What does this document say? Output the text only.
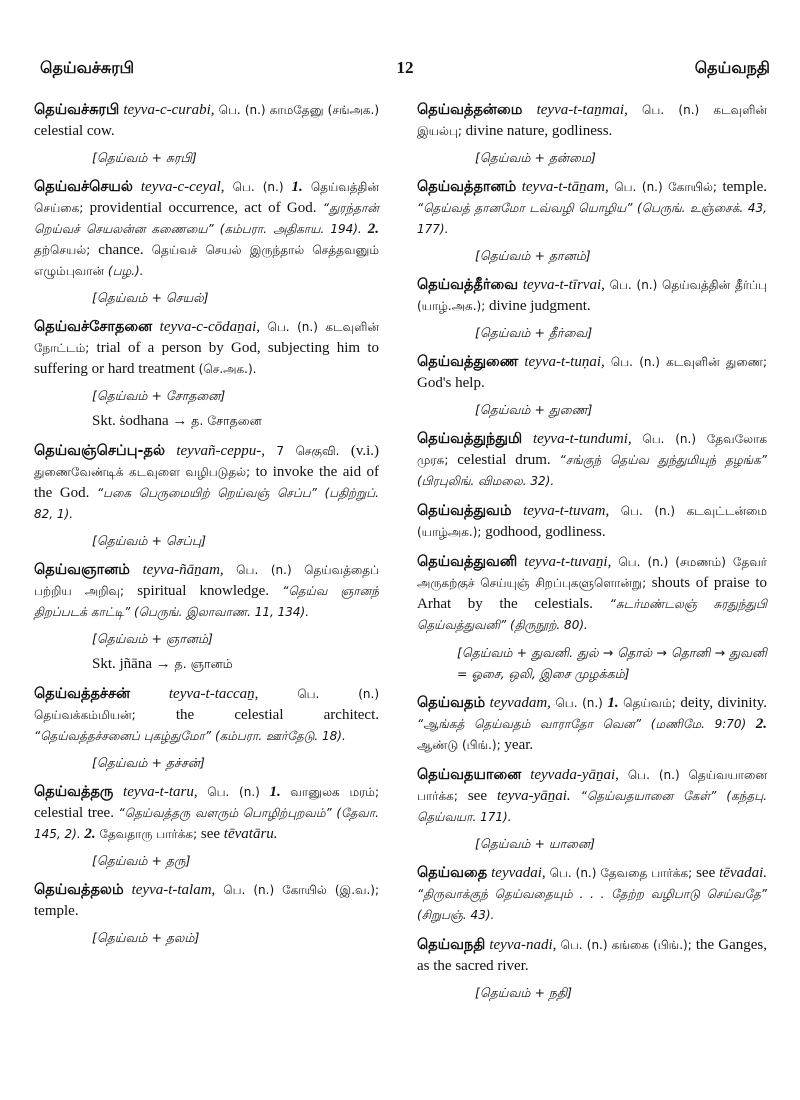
தெய்வச்சுரபி	12	தெய்வநதி
தெய்வச்சுரபி teyva-c-curabi, பெ. (n.) காமதேனு (சங்அக.) celestial cow.
[தெய்வம் + சுரபி]
தெய்வச்செயல் teyva-c-ceyal, பெ. (n.) 1. தெய்வத்தின் செய்கை; providential occurrence, act of God. “துரந்தான் றெய்வச் செயலன்ன கணையை” (கம்பரா. அதிகாய. 194). 2. தற்செயல்; chance. தெய்வச் செயல் இருந்தால் செத்தவனும் எழும்புவான் (பழ.).
[தெய்வம் + செயல்]
தெய்வச்சோதனை teyva-c-cōdaṉai, பெ. (n.) கடவுளின் நோட்டம்; trial of a person by God, subjecting him to suffering or hard treatment (செ.அக.).
[தெய்வம் + சோதனை]
Skt. ṡodhana → த. சோதனை
தெய்வஞ்செப்பு-தல் teyvañ-ceppu-, 7 செகுவி. (v.i.) துணைவேண்டிக் கடவுளை வழிபடுதல்; to invoke the aid of the God. “பகை பெருமையிற் றெய்வஞ் செப்ப” (பதிற்றுப். 82, 1).
[தெய்வம் + செப்பு]
தெய்வஞானம் teyva-ñāṉam, பெ. (n.) தெய்வத்தைப் பற்றிய அறிவு; spiritual knowledge. “தெய்வ ஞானந் திறப்படக் காட்டி” (பெருங். இலாவாண. 11, 134).
[தெய்வம் + ஞானம்]
Skt. jñāna → த. ஞானம்
தெய்வத்தச்சன்	teyva-t-taccaṉ,	பெ. (n.) தெய்வக்கம்மியன்;	the celestial architect. “தெய்வத்தச்சனைப் புகழ்துமோ” (கம்பரா. ஊர்தேடு. 18).
[தெய்வம் + தச்சன்]
தெய்வத்தரு teyva-t-taru, பெ. (n.) 1. வானுலக மரம்; celestial tree. “தெய்வத்தரு வளரும் பொழிற்புறவம்” (தேவா. 145, 2). 2. தேவதாரு பார்க்க; see tēvatāru.
[தெய்வம் + தரு]
தெய்வத்தலம் teyva-t-talam, பெ. (n.) கோயில் (இ.வ.); temple.
[தெய்வம் + தலம்]
தெய்வத்தன்மை teyva-t-taṉmai, பெ. (n.) கடவுளின் இயல்பு; divine nature, godliness.
[தெய்வம் + தன்மை]
தெய்வத்தானம் teyva-t-tāṉam, பெ. (n.) கோயில்; temple. “தெய்வத் தானமோ டவ்வழி யொழிய” (பெருங். உஞ்சைக். 43, 177).
[தெய்வம் + தானம்]
தெய்வத்தீர்வை teyva-t-tīrvai, பெ. (n.) தெய்வத்தின் தீர்ப்பு (யாழ்.அக.); divine judgment.
[தெய்வம் + தீர்வை]
தெய்வத்துணை teyva-t-tuṇai, பெ. (n.) கடவுளின் துணை; God's help.
[தெய்வம் + துணை]
தெய்வத்துந்துமி teyva-t-tundumi, பெ. (n.) தேவலோக முரசு; celestial drum. “சங்குந் தெய்வ துந்துமியுந் தழங்க” (பிரபுலிங். விமலை. 32).
தெய்வத்துவம் teyva-t-tuvam, பெ. (n.) கடவுட்டன்மை (யாழ்அக.); godhood, godliness.
தெய்வத்துவனி teyva-t-tuvaṉi, பெ. (n.) (சமணம்) தேவர் அருகற்குச் செய்யுஞ் சிறப்புகளுளொன்று; shouts of praise to Arhat by the celestials. “சுடர்மண்டலஞ் சுரதுந்துபி தெய்வத்துவனி” (திருநூற். 80).
[தெய்வம் + துவனி. துல் → தொல் → தொனி → துவனி = ஓசை, ஒலி, இசை முழக்கம்]
தெய்வதம் teyvadam, பெ. (n.) 1. தெய்வம்; deity, divinity. “ஆங்கத் தெய்வதம் வாராதோ வென” (மணிமே. 9:70) 2. ஆண்டு (பிங்.); year.
தெய்வதயானை teyvada-yāṉai, பெ. (n.) தெய்வயானை பார்க்க; see teyva-yāṉai. “தெய்வதயானை கேள்” (கந்தபு. தெய்வயா. 171).
[தெய்வம் + யானை]
தெய்வதை teyvadai, பெ. (n.) தேவதை பார்க்க; see tēvadai. “திருவாக்குந் தெய்வதையும் . . . தேற்ற வழிபாடு செய்வதே” (சிறுபஞ். 43).
தெய்வநதி teyva-nadi, பெ. (n.) கங்கை (பிங்.); the Ganges, as the sacred river.
[தெய்வம் + நதி]
